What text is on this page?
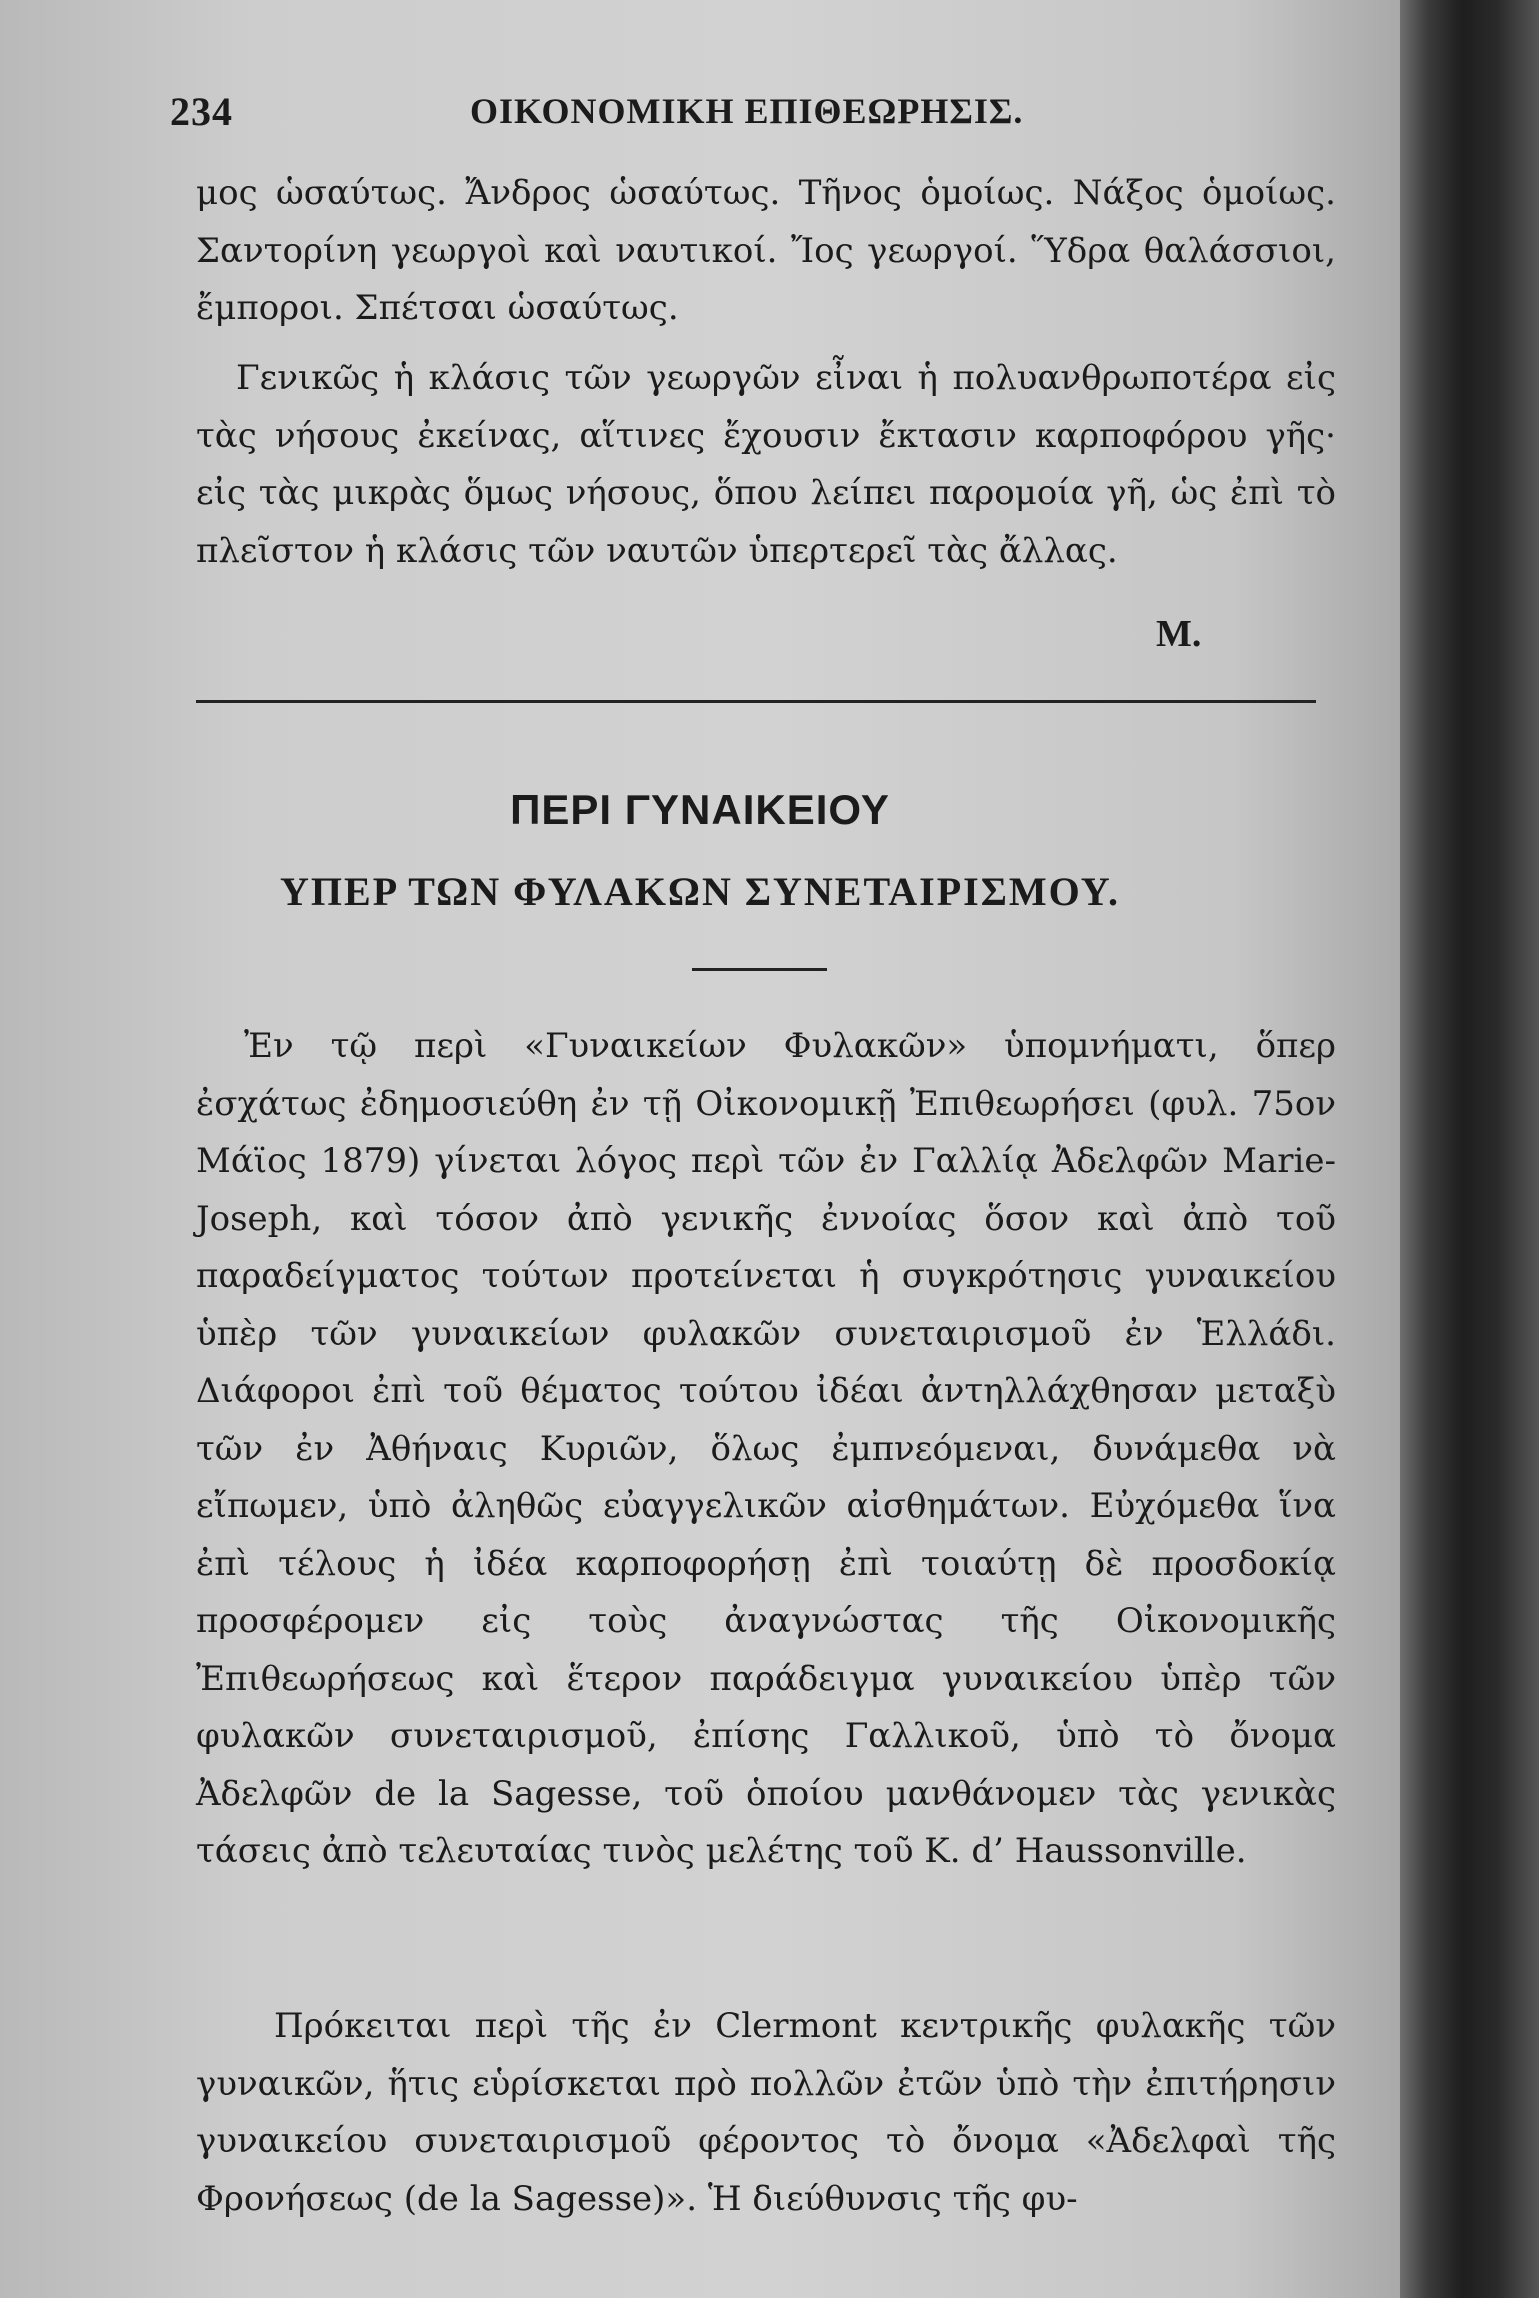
234	ΟΙΚΟΝΟΜΙΚΗ ΕΠΙΘΕΩΡΗΣΙΣ.

μος ὡσαύτως. Ἄνδρος ὡσαύτως. Τῆνος ὁμοίως. Νάξος ὁμοίως. Σαντορίνη γεωργοὶ καὶ ναυτικοί. Ἴος γεωργοί. Ὕδρα θαλάσσιοι, ἔμποροι. Σπέτσαι ὡσαύτως.

Γενικῶς ἡ κλάσις τῶν γεωργῶν εἶναι ἡ πολυανθρωποτέρα εἰς τὰς νήσους ἐκείνας, αἵτινες ἔχουσιν ἔκτασιν καρποφόρου γῆς· εἰς τὰς μικρὰς ὅμως νήσους, ὅπου λείπει παρομοία γῆ, ὡς ἐπὶ τὸ πλεῖστον ἡ κλάσις τῶν ναυτῶν ὑπερτερεῖ τὰς ἄλλας.

Μ.
ΠΕΡΙ ΓΥΝΑΙΚΕΙΟΥ
ΥΠΕΡ ΤΩΝ ΦΥΛΑΚΩΝ ΣΥΝΕΤΑΙΡΙΣΜΟΥ.

Ἐν τῷ περὶ «Γυναικείων Φυλακῶν» ὑπομνήματι, ὅπερ ἐσχάτως ἐδημοσιεύθη ἐν τῇ Οἰκονομικῇ Ἐπιθεωρήσει (φυλ. 75ον Μάϊος 1879) γίνεται λόγος περὶ τῶν ἐν Γαλλίᾳ Ἀδελφῶν Marie-Joseph, καὶ τόσον ἀπὸ γενικῆς ἐννοίας ὅσον καὶ ἀπὸ τοῦ παραδείγματος τούτων προτείνεται ἡ συγκρότησις γυναικείου ὑπὲρ τῶν γυναικείων φυλακῶν συνεταιρισμοῦ ἐν Ἑλλάδι. Διάφοροι ἐπὶ τοῦ θέματος τούτου ἰδέαι ἀντηλλάχθησαν μεταξὺ τῶν ἐν Ἀθήναις Κυριῶν, ὅλως ἐμπνεόμεναι, δυνάμεθα νὰ εἴπωμεν, ὑπὸ ἀληθῶς εὐαγγελικῶν αἰσθημάτων. Εὐχόμεθα ἵνα ἐπὶ τέλους ἡ ἰδέα καρποφορήσῃ ἐπὶ τοιαύτῃ δὲ προσδοκίᾳ προσφέρομεν εἰς τοὺς ἀναγνώστας τῆς Οἰκονομικῆς Ἐπιθεωρήσεως καὶ ἕτερον παράδειγμα γυναικείου ὑπὲρ τῶν φυλακῶν συνεταιρισμοῦ, ἐπίσης Γαλλικοῦ, ὑπὸ τὸ ὄνομα Ἀδελφῶν de la Sagesse, τοῦ ὁποίου μανθάνομεν τὰς γενικὰς τάσεις ἀπὸ τελευταίας τινὸς μελέτης τοῦ Κ. d’ Haussonville.

Πρόκειται περὶ τῆς ἐν Clermont κεντρικῆς φυλακῆς τῶν γυναικῶν, ἥτις εὑρίσκεται πρὸ πολλῶν ἐτῶν ὑπὸ τὴν ἐπιτήρησιν γυναικείου συνεταιρισμοῦ φέροντος τὸ ὄνομα «Ἀδελφαὶ τῆς Φρονήσεως (de la Sagesse)». Ἡ διεύθυνσις τῆς φυ-
